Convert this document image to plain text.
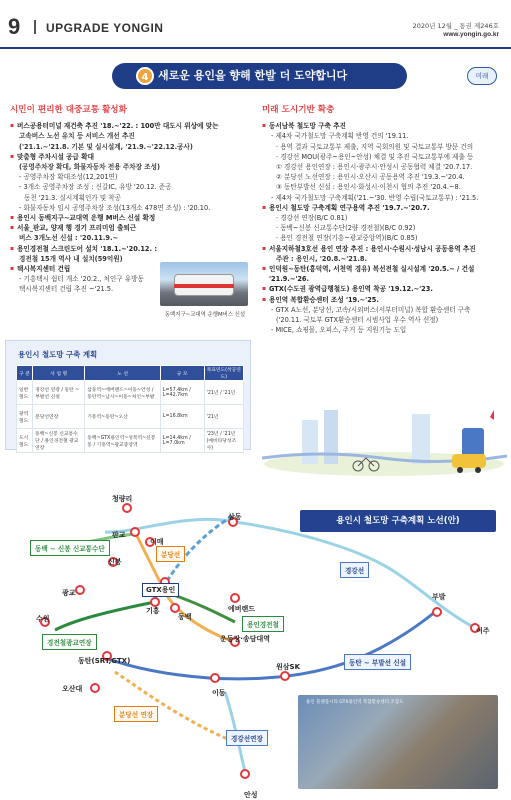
9 UPGRADE YONGIN	2020년 12월 _ 통권 제246호
www.yongin.go.kr
4 새로운 용인을 향해 한발 더 도약합니다	미래
시민이 편리한 대중교통 활성화
▪ 버스공용터미널 재건축 추진 '18.~'22. : 100만 대도시 위상에 맞는
고속버스 노선 유치 등 서비스 개선 추진
('21.1.~'21.8. 기본 및 실시설계, '21.9.~'22.12.공사)
▪ 맞춤형 주차시설 공급 확대
(공영주차장 확대, 화물자동차 전용 주차장 조성)
- 공영주차장 확대조성(12,201면)
- 3개소 공영주차장 조성 : 신갈IC, 유방 '20.12. 준공
동천 '21.3. 실시계획인가 및 착공
- 화물자동차 임시 공영주차장 조성(13개소 478면 조성) : '20.10.
▪ 용인시 동백지구~교대역 운행 M버스 신설 확정
▪ 서울_판교, 양재 행 경기 프리미엄 출퇴근
버스 3개노선 신설 : '20.11.9.~
▪ 용인경전철 스크린도어 설치 '18.1.~'20.12. :
경전철 15개 역사 내 설치(59억원)
▪ 택시복지센터 건립
- 기흥택시 쉼터 개소 '20.2., 처인구 유방동
택시복지센터 건립 추진 ~'21.5.
동백지구~교대역 운행M버스 신설
미래 도시기반 확충
▪ 동서남북 철도망 구축 추진
- 제4차 국가철도망 구축계획 반영 건의 '19.11.
· 용역 결과 국토교통부 제출, 지역 국회의원 및 국토교통부 방문 건의
· 경강선 MOU(광주~용인~안성) 체결 및 추진 국토교통부에 제출 등
① 경강선 용인연장 : 용인시·광주시·안성시 공동협력 체결 '20.7.17.
② 분당선 노선연장 : 용인시·오산시 공동용역 추진 '19.3.~'20.4.
③ 동탄부발선 신설 : 용인시·화성시·이천시 협의 추진 '20.4.~8.
- 제4차 국가철도망 구축계획('21.~'30. 반영 수립(국토교통부) : '21.5.
▪ 용인시 철도망 구축계획 연구용역 추진 '19.7.~'20.7.
· 경강선 연장(B/C 0.81)
· 동백~신봉 신교통수단(2량 경전철)(B/C 0.92)
· 용인 경전철 연장(기흥~광교중앙역)(B/C 0.85)
▪ 서울지하철3호선 용인 연장 추진 : 용인시·수원시·성남시 공동용역 추진
주관 : 용인시, '20.8.~'21.8.
▪ 인덕원~동탄(흥덕역, 서천역 경유) 복선전철 실시설계 '20.5.~ / 건설 '21.9.~'26.
▪ GTX(수도권 광역급행철도) 용인역 착공 '19.12.~'23.
▪ 용인역 복합환승센터 조성 '19.~'25.
- GTX A노선, 분당선, 고속/시외버스(서부터미널) 복합 환승센터 구축
('20.11. 국토부 GTX환승센터 시범사업 우수 역사 선정)
- MICE, 쇼핑몰, 오피스, 주거 등 지원기능 도입
용인시 철도망 구축 계획
구 분	사 업 명	노 선	규 모	목표연도(착공연도)
일반철도	경강선 연장 / 동탄 ~ 부발선 신설	삼동역~에버랜드~이동~안성 / 동탄역~남사~이동~처인~부발	L=57.4km / L=42.7km	'21년 / '21년
광역철도	분당선연장	기흥역~동탄~오산	L=16.8km	'21년
도시철도	동백~신봉 신교통수단 / 용인경전철 광교연장	동백~GTX용인역~성복역~신봉동 / 기흥역~광교중앙역	L=14.4km / L=7.0km	'23년 / '21년(예비타당성조사)
용인시 철도망 구축계획 노선(안)
청량리
삼동
판교
이매
신봉
GTX용인
기흥
광교
수원	동백
에버랜드
운동장·송담대역
동탄(SRT,GTX)
오산대	이동
원삼SK
부발
여주
안성
동백 ~ 신봉 신교통수단
분당선
경강선
경전철광교연장
용인경전철
분당선 연장
동탄 ~ 부발선 신설
경강선연장
용인 플랫폼시티 GTX용인역 복합환승센터 조감도
